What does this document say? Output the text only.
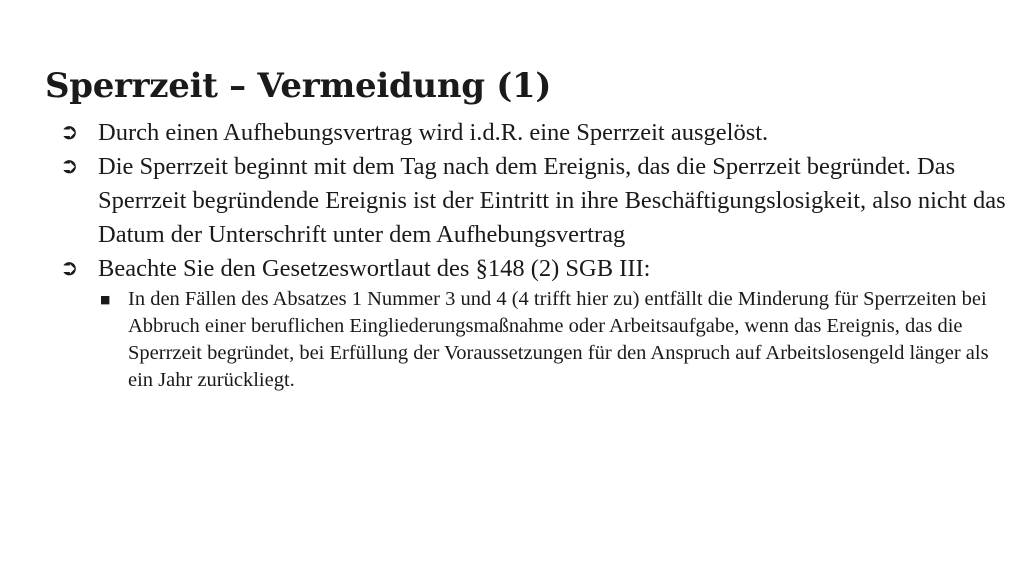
Sperrzeit – Vermeidung (1)
➲ Durch einen Aufhebungsvertrag wird i.d.R. eine Sperrzeit ausgelöst.
➲ Die Sperrzeit beginnt mit dem Tag nach dem Ereignis, das die Sperrzeit begründet. Das Sperrzeit begründende Ereignis ist der Eintritt in ihre Beschäftigungslosigkeit, also nicht das Datum der Unterschrift unter dem Aufhebungsvertrag
➲ Beachte Sie den Gesetzeswortlaut des §148 (2) SGB III:
■ In den Fällen des Absatzes 1 Nummer 3 und 4 (4 trifft hier zu) entfällt die Minderung für Sperrzeiten bei Abbruch einer beruflichen Eingliederungsmaßnahme oder Arbeitsaufgabe, wenn das Ereignis, das die Sperrzeit begründet, bei Erfüllung der Voraussetzungen für den Anspruch auf Arbeitslosengeld länger als ein Jahr zurückliegt.
